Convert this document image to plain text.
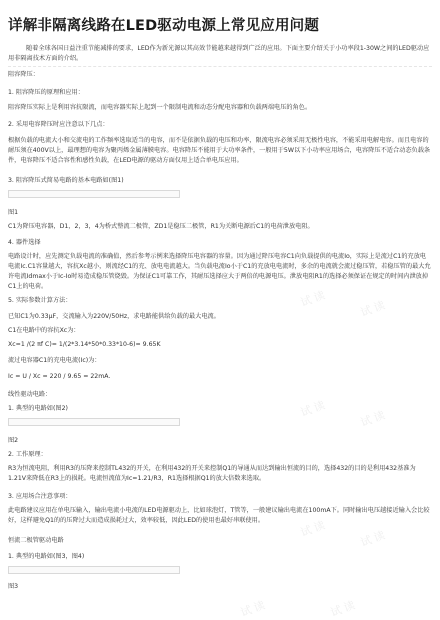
详解非隔离线路在LED驱动电源上常见应用问题
随着全球各国日益注重节能减排的要求，LED作为新光源以其高效节能越来越得到广泛的应用。下面主要介绍关于小功率段1-30W之间的LED驱动应用非隔离技术方面的介绍。
阻容降压：
1. 阻容降压的原理和应用：
阻容降压实际上是利用容抗限流，而电容器实际上起到一个限制电流和动态分配电容器和负载两端电压的角色。
2. 采用电容降压时应注意以下几点：
根据负载的电流大小和交流电的工作频率选取适当的电容，而不是依据负载的电压和功率，限流电容必须采用无极性电容，不能采用电解电容。而且电容的耐压须在400V以上，最理想的电容为聚丙烯金属薄膜电容。电容降压不能用于大功率条件，一般用于5W以下小功率应用场合，电容降压不适合动态负载条件，电容降压不适合容性和感性负载，在LED电源的驱动方面仅用上适合单电压应用。
3. 阻容降压式简易电路的基本电路如(图1)
图1
C1为降压电容器，D1，2，3，4为桥式整流二极管，ZD1是稳压二极管，R1为关断电源后C1的电荷泄放电阻。
4. 器件选择
电路设计时，应先测定负载电流的准确值，然后参考示例来选择降压电容器的容量。因为通过降压电容C1向负载提供的电流Io，实际上是流过C1的充放电电流Ic.C1容量越大，容抗Xc越小，则流经C1的充、放电电流越大。当负载电流Io小于C1的充放电电流时，多余的电流就会流过稳压管，若稳压管的最大允许电流Idmax小于Ic-Io时易造成稳压管烧毁。为保证C1可靠工作，其耐压选择应大于两倍的电源电压。泄放电阻R1的选择必须保证在规定的时间内泄放掉C1上的电荷。
5. 实际参数计算方法：
已知C1为0.33μF，交流输入为220V/50Hz，求电路能供给负载的最大电流。
C1在电路中的容抗Xc为：
Xc=1 /(2 πf C)= 1/(2*3.14*50*0.33*10-6)= 9.65K
流过电容器C1的充电电流(Ic)为：
Ic = U / Xc = 220 / 9.65 = 22mA.
线性驱动电路：
1. 典型的电路如(图2)
图2
2. 工作原理：
R3为恒流电阻，利用R3的压降来控制TL432的开关，在利用432的开关来控制Q1的导通从而达到输出恒流的目的，选择432的目的是利用432基准为1.21V来降低在R3上的损耗。电流恒流值为Ic=1.21/R3，R1选择根据Q1的放大倍数来选取。
3. 应用场合注意事项：
此电路建议应用在单电压输入，输出电流小电流的LED电源驱动上，比如球泡灯，T管等，一般建议输出电流在100mA下。同时输出电压越接近输入会比较好，这样避免Q1的的压降过大而造成损耗过大，效率较低，因此LED的使用也最好串联使用。
恒流二极管驱动电路
1. 典型的电路如(图3，图4)
图3
试读	试读
试读	试读
试读	试读
试读	试读
